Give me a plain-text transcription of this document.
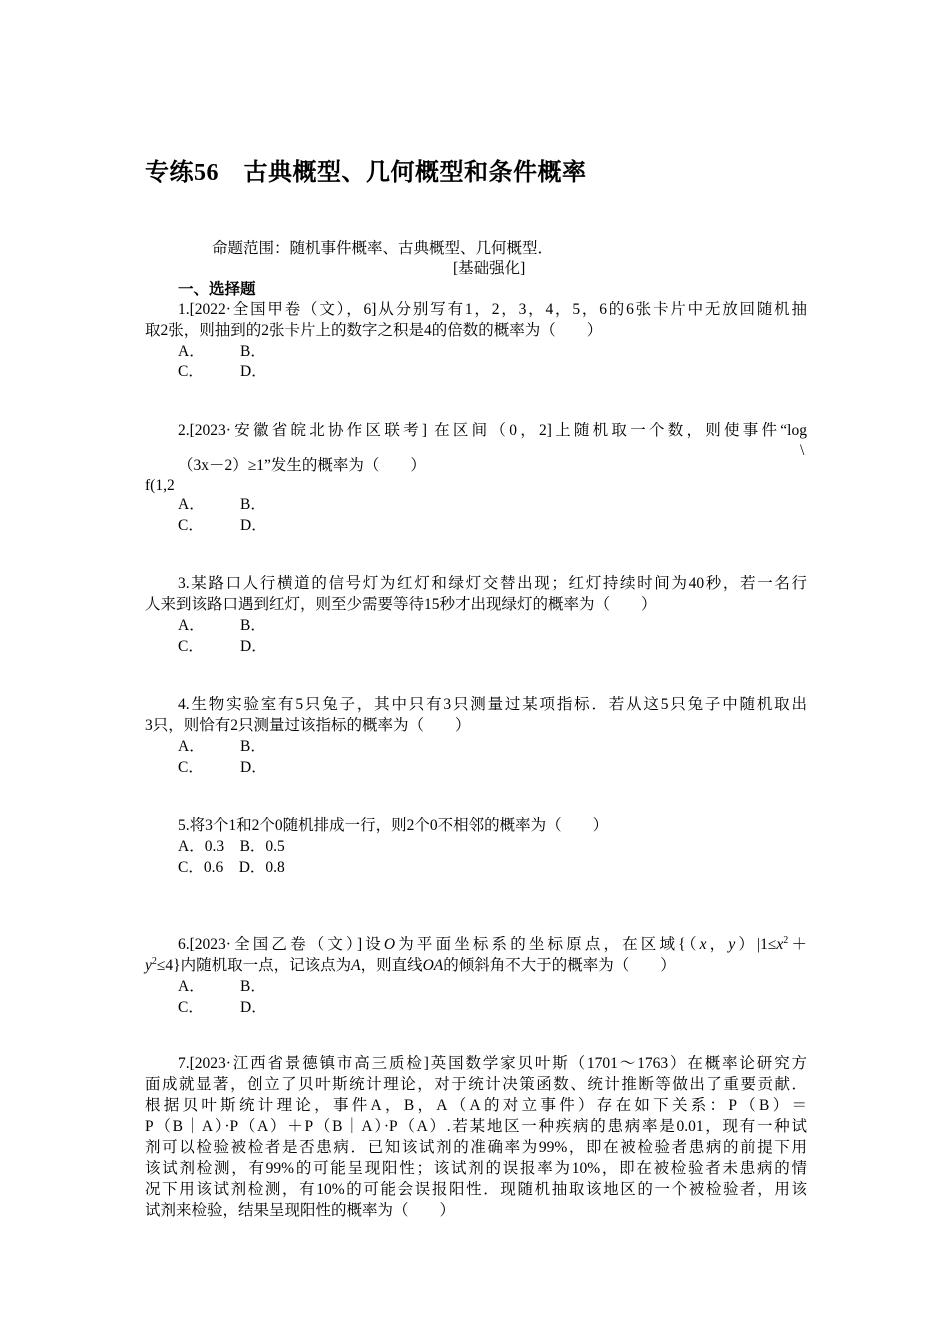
专练56　古典概型、几何概型和条件概率
命题范围：随机事件概率、古典概型、几何概型．
[基础强化]
一、选择题
1.[2022·全国甲卷（文），6]从分别写有1，2，3，4，5，6的6张卡片中无放回随机抽
取2张，则抽到的2张卡片上的数字之积是4的倍数的概率为（　　）
A． B．
C． D．
2.[2023·安徽省皖北协作区联考] 在区间（0，2]上随机取一个数，则使事件“log
\
（3x－2）≥1”发生的概率为（　　）
f(1,2
A． B．
C． D．
3.某路口人行横道的信号灯为红灯和绿灯交替出现；红灯持续时间为40秒，若一名行
人来到该路口遇到红灯，则至少需要等待15秒才出现绿灯的概率为（　　）
A． B．
C． D．
4.生物实验室有5只兔子，其中只有3只测量过某项指标．若从这5只兔子中随机取出
3只，则恰有2只测量过该指标的概率为（　　）
A． B．
C． D．
5.将3个1和2个0随机排成一行，则2个0不相邻的概率为（　　）
A．0.3　B．0.5
C．0.6　D．0.8
6.[2023·全国乙卷（文）]设O为平面坐标系的坐标原点，在区域{（x，$y)|1\le x^2+$
$y^2\le 4$}内随机取一点，记该点为A，则直线OA的倾斜角不大于的概率为（　　）
A． B．
C． D．
7.[2023·江西省景德镇市高三质检]英国数学家贝叶斯（1701～1763）在概率论研究方
面成就显著，创立了贝叶斯统计理论，对于统计决策函数、统计推断等做出了重要贡献．
根据贝叶斯统计理论，事件A，B，A（A的对立事件）存在如下关系：P（B）＝
P（B｜A）·P（A）＋P（B｜A）·P（A）.若某地区一种疾病的患病率是0.01，现有一种试
剂可以检验被检者是否患病．已知该试剂的准确率为99%，即在被检验者患病的前提下用
该试剂检测，有99%的可能呈现阳性；该试剂的误报率为10%，即在被检验者未患病的情
况下用该试剂检测，有10%的可能会误报阳性．现随机抽取该地区的一个被检验者，用该
试剂来检验，结果呈现阳性的概率为（　　）
